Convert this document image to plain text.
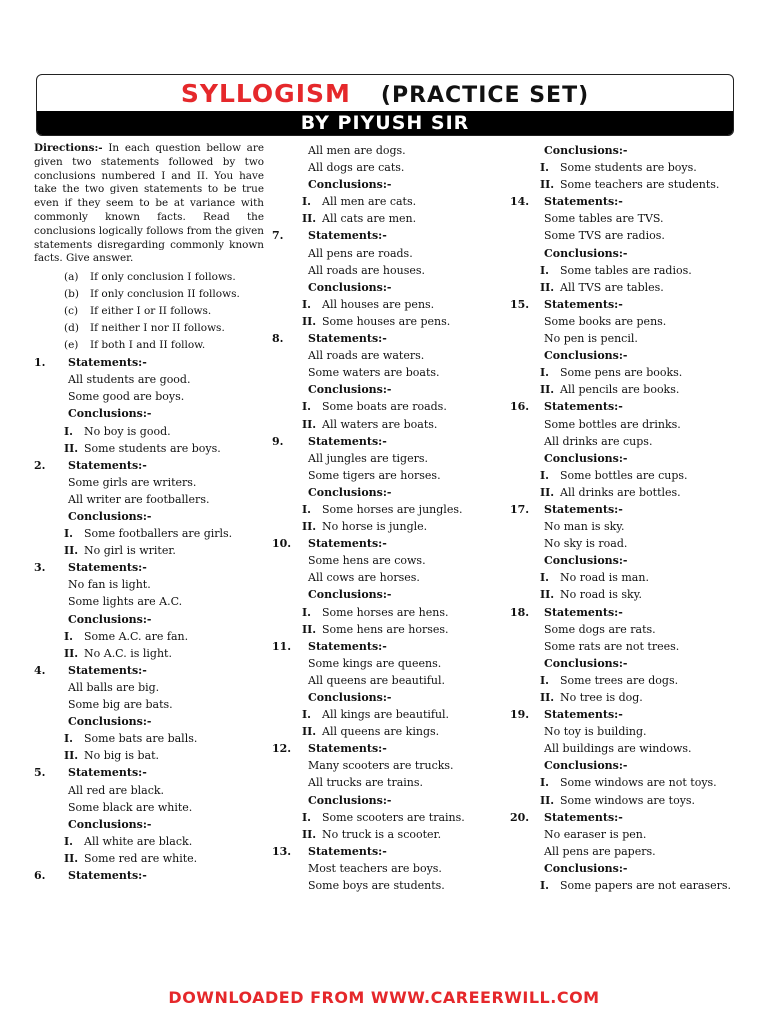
SYLLOGISM (PRACTICE SET)
BY PIYUSH SIR
Directions:- In each question bellow are given two statements followed by two conclusions numbered I and II. You have take the two given statements to be true even if they seem to be at variance with commonly known facts. Read the conclusions logically follows from the given statements disregarding commonly known facts. Give answer.
(a) If only conclusion I follows.
(b) If only conclusion II follows.
(c) If either I or II follows.
(d) If neither I nor II follows.
(e) If both I and II follow.
1. Statements:-
All students are good.
Some good are boys.
Conclusions:-
I. No boy is good.
II. Some students are boys.
2. Statements:-
Some girls are writers.
All writer are footballers.
Conclusions:-
I. Some footballers are girls.
II. No girl is writer.
3. Statements:-
No fan is light.
Some lights are A.C.
Conclusions:-
I. Some A.C. are fan.
II. No A.C. is light.
4. Statements:-
All balls are big.
Some big are bats.
Conclusions:-
I. Some bats are balls.
II. No big is bat.
5. Statements:-
All red are black.
Some black are white.
Conclusions:-
I. All white are black.
II. Some red are white.
6. Statements:-
All men are dogs.
All dogs are cats.
Conclusions:-
I. All men are cats.
II. All cats are men.
7. Statements:-
All pens are roads.
All roads are houses.
Conclusions:-
I. All houses are pens.
II. Some houses are pens.
8. Statements:-
All roads are waters.
Some waters are boats.
Conclusions:-
I. Some boats are roads.
II. All waters are boats.
9. Statements:-
All jungles are tigers.
Some tigers are horses.
Conclusions:-
I. Some horses are jungles.
II. No horse is jungle.
10. Statements:-
Some hens are cows.
All cows are horses.
Conclusions:-
I. Some horses are hens.
II. Some hens are horses.
11. Statements:-
Some kings are queens.
All queens are beautiful.
Conclusions:-
I. All kings are beautiful.
II. All queens are kings.
12. Statements:-
Many scooters are trucks.
All trucks are trains.
Conclusions:-
I. Some scooters are trains.
II. No truck is a scooter.
13. Statements:-
Most teachers are boys.
Some boys are students.
Conclusions:-
I. Some students are boys.
II. Some teachers are students.
14. Statements:-
Some tables are TVS.
Some TVS are radios.
Conclusions:-
I. Some tables are radios.
II. All TVS are tables.
15. Statements:-
Some books are pens.
No pen is pencil.
Conclusions:-
I. Some pens are books.
II. All pencils are books.
16. Statements:-
Some bottles are drinks.
All drinks are cups.
Conclusions:-
I. Some bottles are cups.
II. All drinks are bottles.
17. Statements:-
No man is sky.
No sky is road.
Conclusions:-
I. No road is man.
II. No road is sky.
18. Statements:-
Some dogs are rats.
Some rats are not trees.
Conclusions:-
I. Some trees are dogs.
II. No tree is dog.
19. Statements:-
No toy is building.
All buildings are windows.
Conclusions:-
I. Some windows are not toys.
II. Some windows are toys.
20. Statements:-
No earaser is pen.
All pens are papers.
Conclusions:-
I. Some papers are not earasers.
DOWNLOADED FROM WWW.CAREERWILL.COM
